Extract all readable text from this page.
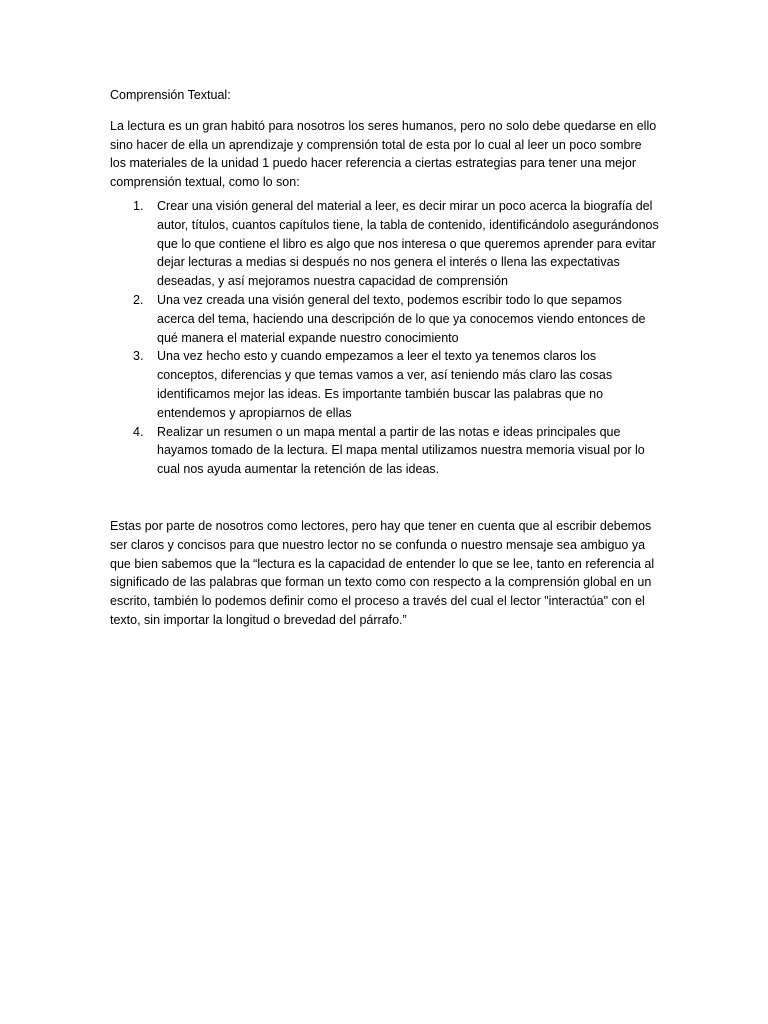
Comprensión Textual:

La lectura es un gran habitó para nosotros los seres humanos, pero no solo debe quedarse en ello sino hacer de ella un aprendizaje y comprensión total de esta por lo cual al leer un poco sombre los materiales de la unidad 1 puedo hacer referencia a ciertas estrategias para tener una mejor comprensión textual, como lo son:

1. Crear una visión general del material a leer, es decir mirar un poco acerca la biografía del autor, títulos, cuantos capítulos tiene, la tabla de contenido, identificándolo asegurándonos que lo que contiene el libro es algo que nos interesa o que queremos aprender para evitar dejar lecturas a medias si después no nos genera el interés o llena las expectativas deseadas, y así mejoramos nuestra capacidad de comprensión
2. Una vez creada una visión general del texto, podemos escribir todo lo que sepamos acerca del tema, haciendo una descripción de lo que ya conocemos viendo entonces de qué manera el material expande nuestro conocimiento
3. Una vez hecho esto y cuando empezamos a leer el texto ya tenemos claros los conceptos, diferencias y que temas vamos a ver, así teniendo más claro las cosas identificamos mejor las ideas. Es importante también buscar las palabras que no entendemos y apropiarnos de ellas
4. Realizar un resumen o un mapa mental a partir de las notas e ideas principales que hayamos tomado de la lectura. El mapa mental utilizamos nuestra memoria visual por lo cual nos ayuda aumentar la retención de las ideas.

Estas por parte de nosotros como lectores, pero hay que tener en cuenta que al escribir debemos ser claros y concisos para que nuestro lector no se confunda o nuestro mensaje sea ambiguo ya que bien sabemos que la “lectura es la capacidad de entender lo que se lee, tanto en referencia al significado de las palabras que forman un texto como con respecto a la comprensión global en un escrito, también lo podemos definir como el proceso a través del cual el lector "interactúa" con el texto, sin importar la longitud o brevedad del párrafo.”
